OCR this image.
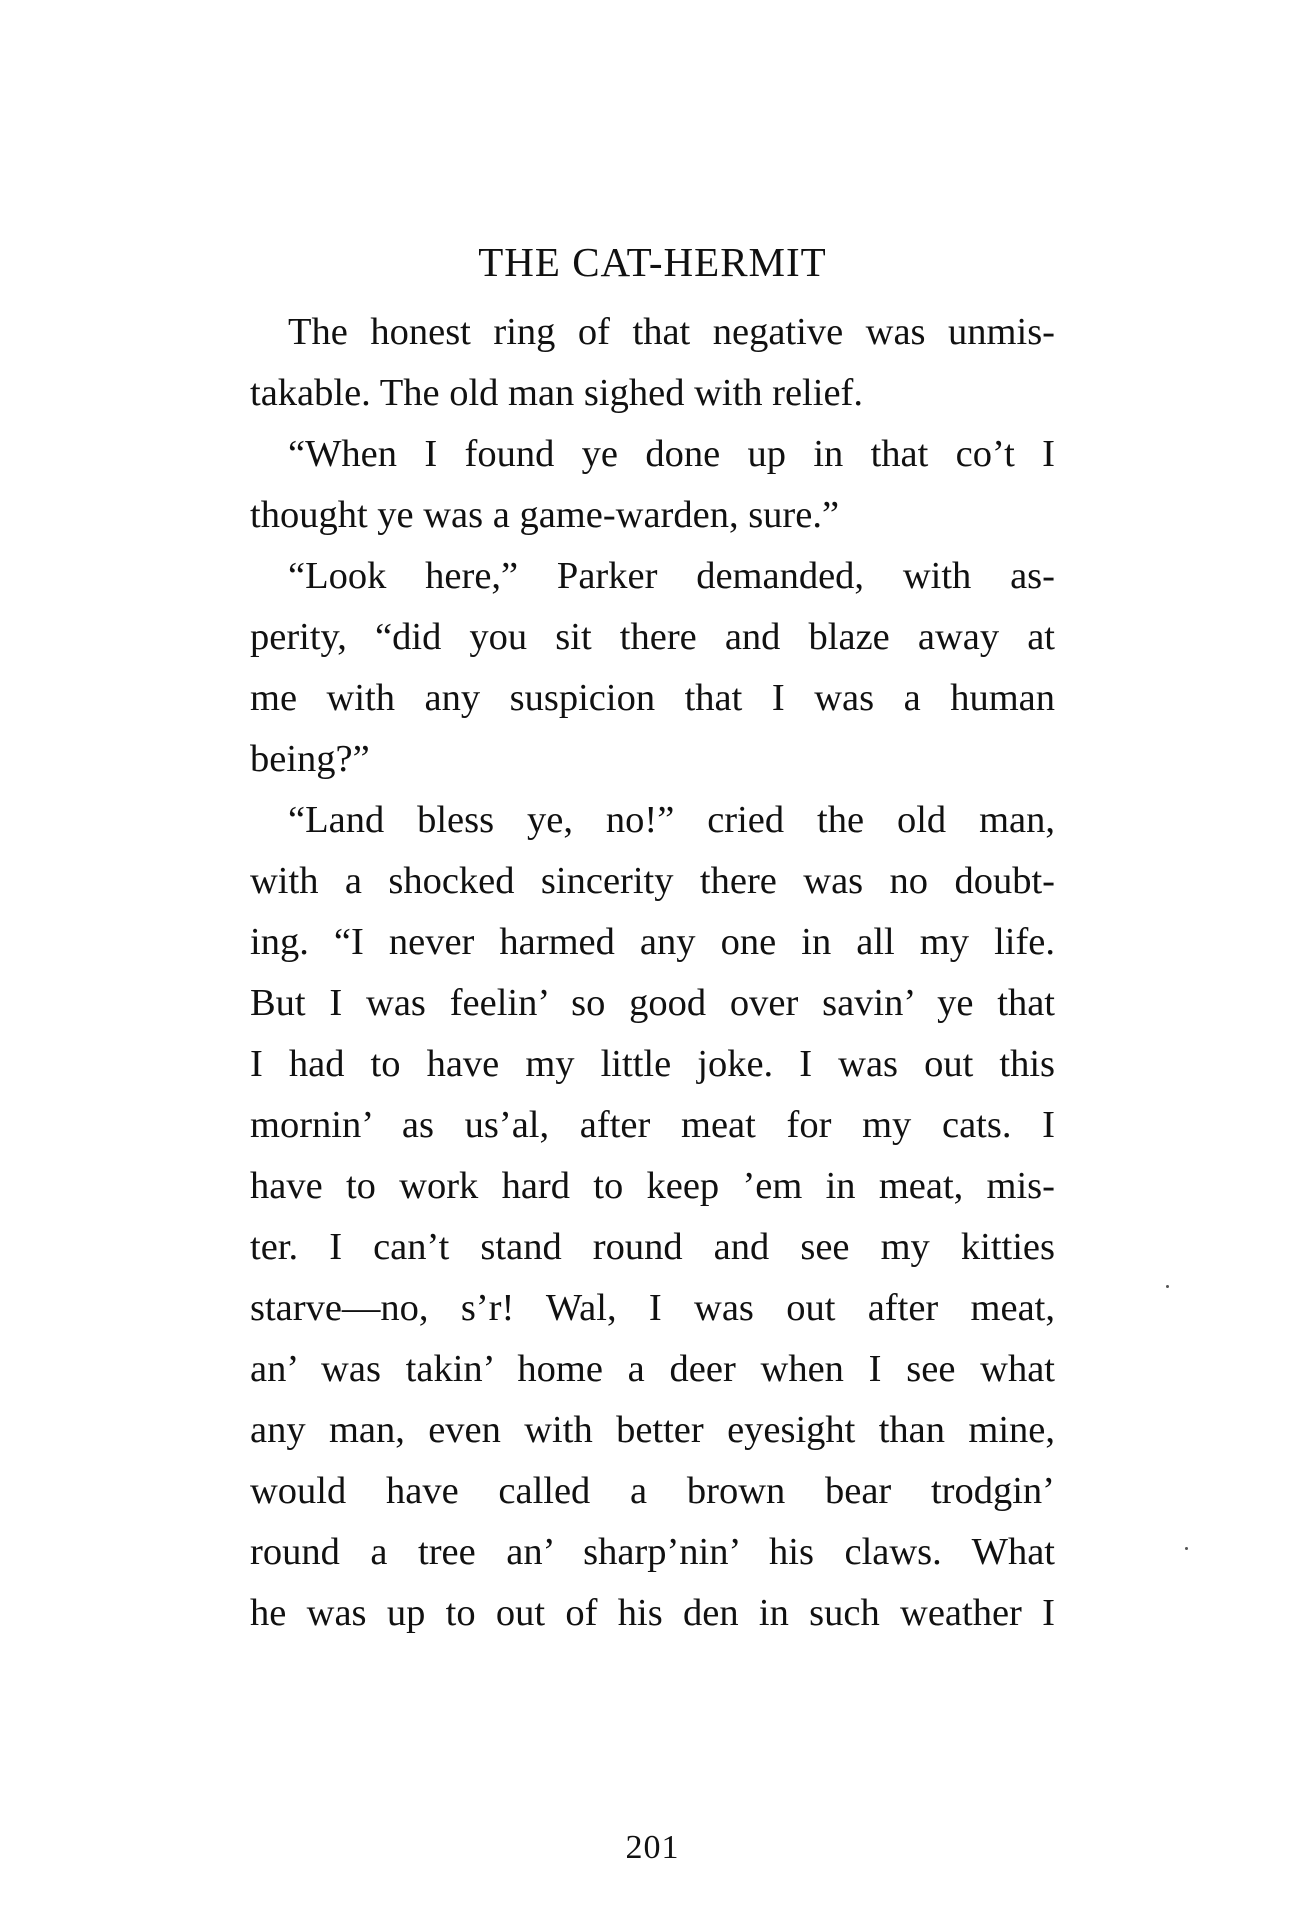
THE CAT-HERMIT
The honest ring of that negative was unmis-
takable. The old man sighed with relief.
“When I found ye done up in that co’t I
thought ye was a game-warden, sure.”
“Look here,” Parker demanded, with as-
perity, “did you sit there and blaze away at
me with any suspicion that I was a human
being?”
“Land bless ye, no!” cried the old man,
with a shocked sincerity there was no doubt-
ing. “I never harmed any one in all my life.
But I was feelin’ so good over savin’ ye that
I had to have my little joke. I was out this
mornin’ as us’al, after meat for my cats. I
have to work hard to keep ’em in meat, mis-
ter. I can’t stand round and see my kitties
starve—no, s’r! Wal, I was out after meat,
an’ was takin’ home a deer when I see what
any man, even with better eyesight than mine,
would have called a brown bear trodgin’
round a tree an’ sharp’nin’ his claws. What
he was up to out of his den in such weather I
201
